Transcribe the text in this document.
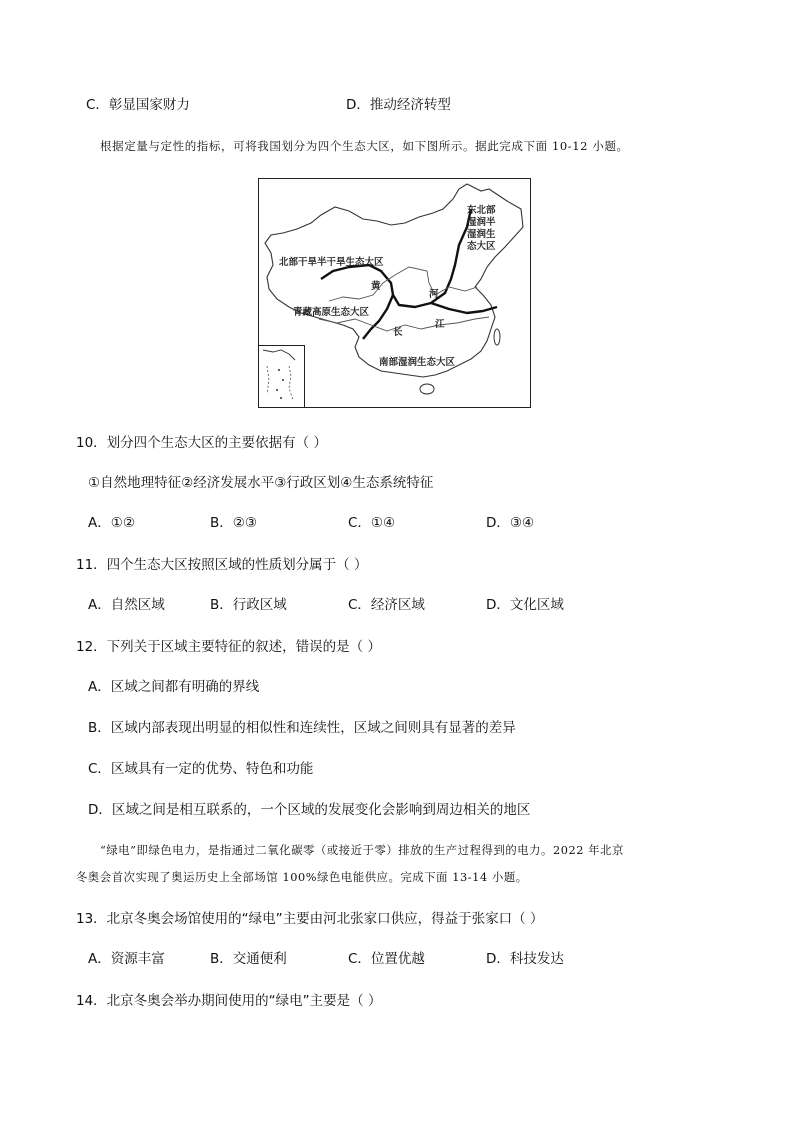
C．彰显国家财力	D．推动经济转型
根据定量与定性的指标，可将我国划分为四个生态大区，如下图所示。据此完成下面 10-12 小题。
东北部
湿润半
湿润生
态大区
北部干旱半干旱生态大区
青藏高原生态大区
南部湿润生态大区
黄
河
长
江
10．划分四个生态大区的主要依据有（ ）
①自然地理特征②经济发展水平③行政区划④生态系统特征
A．①②	B．②③	C．①④	D．③④
11．四个生态大区按照区域的性质划分属于（ ）
A．自然区域	B．行政区域	C．经济区域	D．文化区域
12．下列关于区域主要特征的叙述，错误的是（ ）
A．区域之间都有明确的界线
B．区域内部表现出明显的相似性和连续性，区域之间则具有显著的差异
C．区域具有一定的优势、特色和功能
D．区域之间是相互联系的，一个区域的发展变化会影响到周边相关的地区
“绿电”即绿色电力，是指通过二氧化碳零（或接近于零）排放的生产过程得到的电力。2022 年北京
冬奥会首次实现了奥运历史上全部场馆 100%绿色电能供应。完成下面 13-14 小题。
13．北京冬奥会场馆使用的“绿电”主要由河北张家口供应，得益于张家口（ ）
A．资源丰富	B．交通便利	C．位置优越	D．科技发达
14．北京冬奥会举办期间使用的“绿电”主要是（ ）
